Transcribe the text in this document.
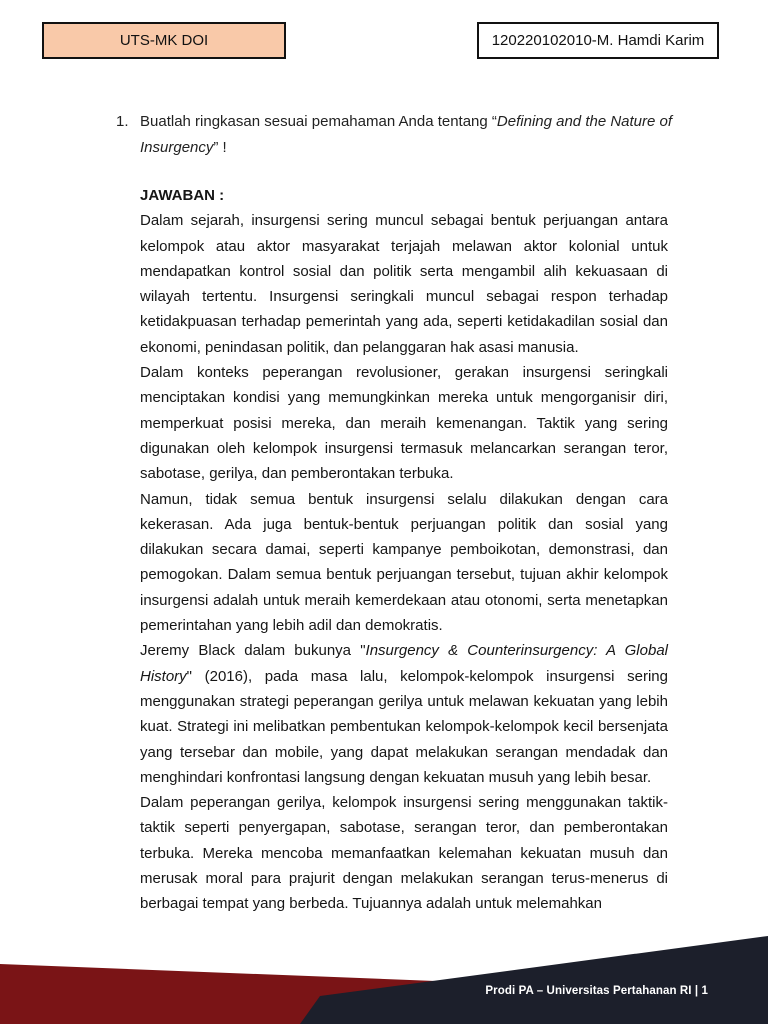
UTS-MK DOI	120220102010-M. Hamdi Karim
1. Buatlah ringkasan sesuai pemahaman Anda tentang “Defining and the Nature of Insurgency” !

JAWABAN :

Dalam sejarah, insurgensi sering muncul sebagai bentuk perjuangan antara kelompok atau aktor masyarakat terjajah melawan aktor kolonial untuk mendapatkan kontrol sosial dan politik serta mengambil alih kekuasaan di wilayah tertentu. Insurgensi seringkali muncul sebagai respon terhadap ketidakpuasan terhadap pemerintah yang ada, seperti ketidakadilan sosial dan ekonomi, penindasan politik, dan pelanggaran hak asasi manusia.

Dalam konteks peperangan revolusioner, gerakan insurgensi seringkali menciptakan kondisi yang memungkinkan mereka untuk mengorganisir diri, memperkuat posisi mereka, dan meraih kemenangan. Taktik yang sering digunakan oleh kelompok insurgensi termasuk melancarkan serangan teror, sabotase, gerilya, dan pemberontakan terbuka.

Namun, tidak semua bentuk insurgensi selalu dilakukan dengan cara kekerasan. Ada juga bentuk-bentuk perjuangan politik dan sosial yang dilakukan secara damai, seperti kampanye pemboikotan, demonstrasi, dan pemogokan. Dalam semua bentuk perjuangan tersebut, tujuan akhir kelompok insurgensi adalah untuk meraih kemerdekaan atau otonomi, serta menetapkan pemerintahan yang lebih adil dan demokratis.

Jeremy Black dalam bukunya "Insurgency & Counterinsurgency: A Global History" (2016), pada masa lalu, kelompok-kelompok insurgensi sering menggunakan strategi peperangan gerilya untuk melawan kekuatan yang lebih kuat. Strategi ini melibatkan pembentukan kelompok-kelompok kecil bersenjata yang tersebar dan mobile, yang dapat melakukan serangan mendadak dan menghindari konfrontasi langsung dengan kekuatan musuh yang lebih besar.

Dalam peperangan gerilya, kelompok insurgensi sering menggunakan taktik-taktik seperti penyergapan, sabotase, serangan teror, dan pemberontakan terbuka. Mereka mencoba memanfaatkan kelemahan kekuatan musuh dan merusak moral para prajurit dengan melakukan serangan terus-menerus di berbagai tempat yang berbeda. Tujuannya adalah untuk melemahkan

Prodi PA – Universitas Pertahanan RI | 1
